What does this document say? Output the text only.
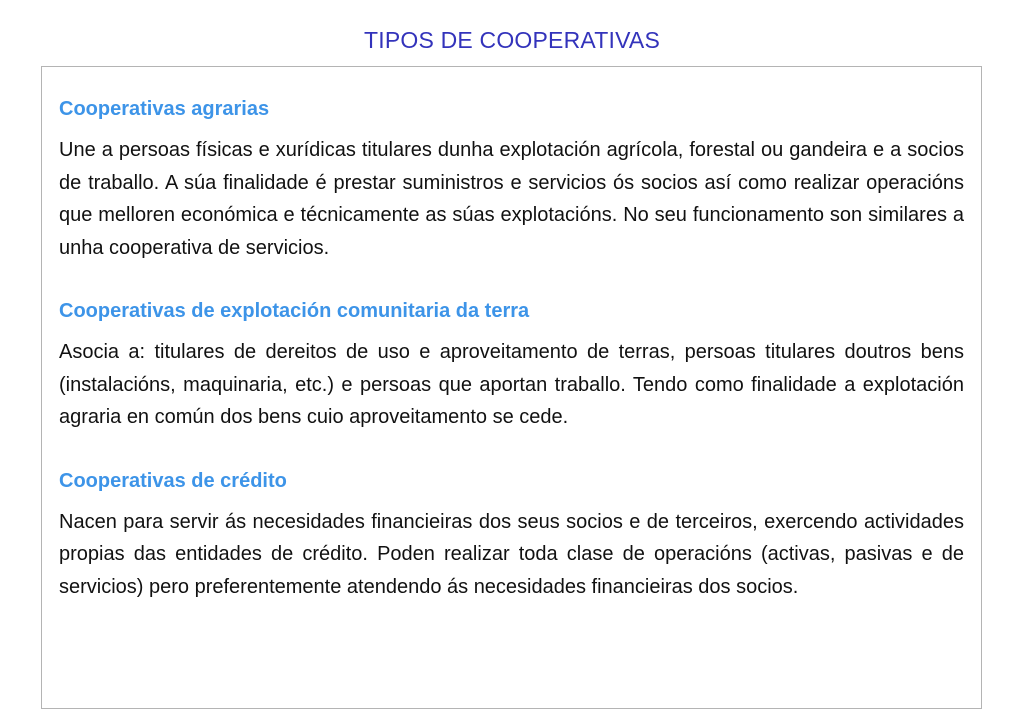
TIPOS DE COOPERATIVAS
Cooperativas agrarias

Une a persoas físicas e xurídicas titulares dunha explotación agrícola, forestal ou gandeira e a socios de traballo. A súa finalidade é prestar suministros e servicios ós socios así como realizar operacións que melloren económica e técnicamente as súas explotacións. No seu funcionamento son similares a unha cooperativa de servicios.

Cooperativas de explotación comunitaria da terra

Asocia a: titulares de dereitos de uso e aproveitamento de terras, persoas titulares doutros bens (instalacións, maquinaria, etc.) e persoas que aportan traballo. Tendo como finalidade a explotación agraria en común dos bens cuio aproveitamento se cede.

Cooperativas de crédito

Nacen para servir ás necesidades financieiras dos seus socios e de terceiros, exercendo actividades propias das entidades de crédito. Poden realizar toda clase de operacións (activas, pasivas e de servicios) pero preferentemente atendendo ás necesidades financieiras dos socios.
